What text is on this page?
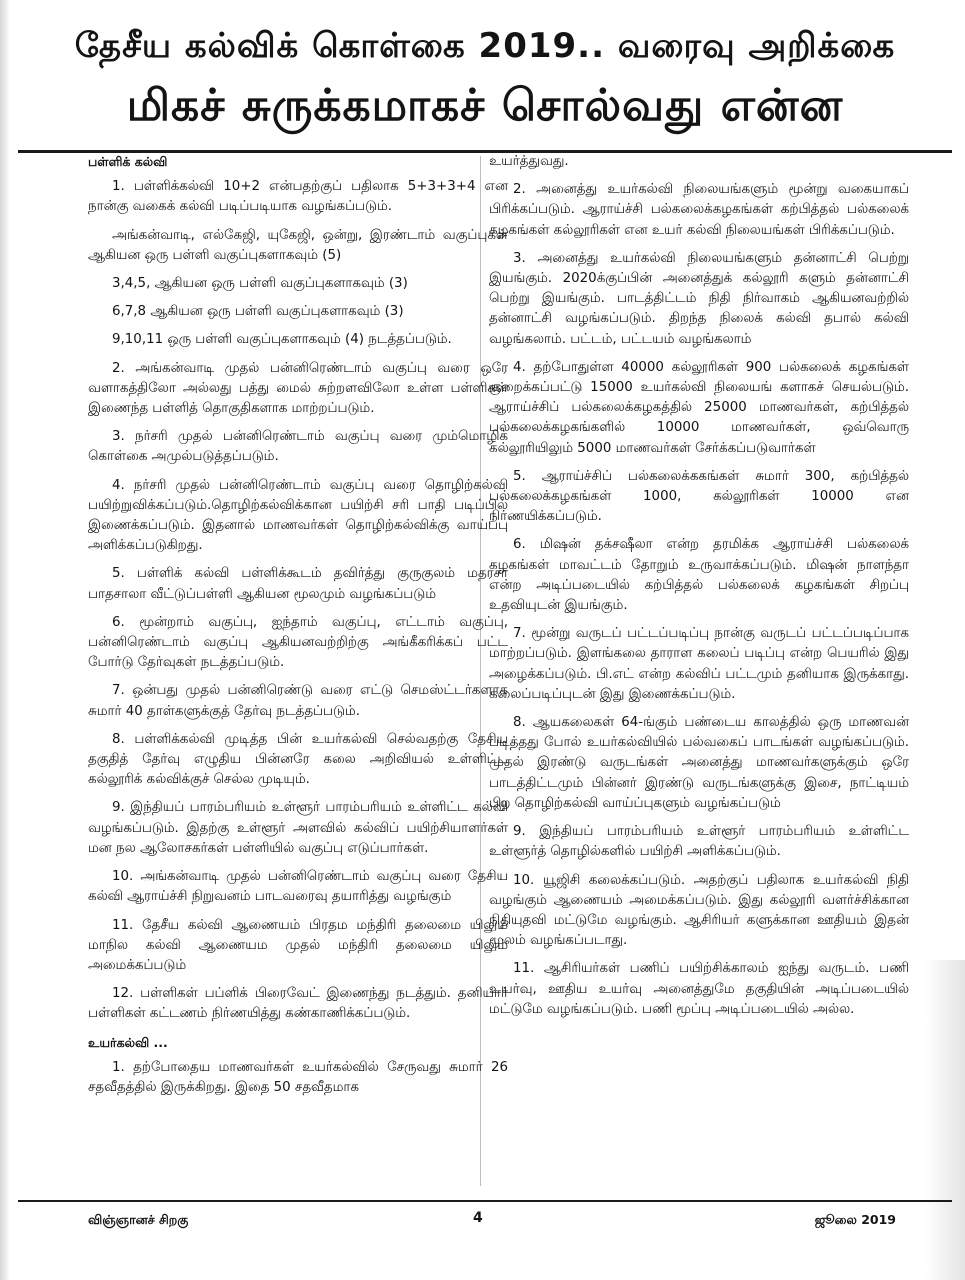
தேசீய கல்விக் கொள்கை 2019.. வரைவு அறிக்கை
மிகச் சுருக்கமாகச் சொல்வது என்ன
பள்ளிக் கல்வி

1. பள்ளிக்கல்வி 10+2 என்பதற்குப் பதிலாக 5+3+3+4 என நான்கு வகைக் கல்வி படிப்படியாக வழங்கப்படும்.

அங்கன்வாடி, எல்கேஜி, யுகேஜி, ஒன்று, இரண்டாம் வகுப்புகள் ஆகியன ஒரு பள்ளி வகுப்புகளாகவும் (5)

3,4,5, ஆகியன ஒரு பள்ளி வகுப்புகளாகவும் (3)

6,7,8 ஆகியன ஒரு பள்ளி வகுப்புகளாகவும் (3)

9,10,11 ஒரு பள்ளி வகுப்புகளாகவும் (4) நடத்தப்படும்.

2. அங்கன்வாடி முதல் பன்னிரெண்டாம் வகுப்பு வரை ஒரே வளாகத்திலோ அல்லது பத்து மைல் சுற்றளவிலோ உள்ள பள்ளிகள் இணைந்த பள்ளித் தொகுதிகளாக மாற்றப்படும்.

3. நர்சரி முதல் பன்னிரெண்டாம் வகுப்பு வரை மும்மொழிக் கொள்கை அமுல்படுத்தப்படும்.

4. நர்சரி முதல் பன்னிரெண்டாம் வகுப்பு வரை தொழிற்கல்வி பயிற்றுவிக்கப்படும்.தொழிற்கல்விக்கான பயிற்சி சரி பாதி படிப்பில் இணைக்கப்படும். இதனால் மாணவர்கள் தொழிற்கல்விக்கு வாய்ப்பு அளிக்கப்படுகிறது.

5. பள்ளிக் கல்வி பள்ளிக்கூடம் தவிர்த்து குருகுலம் மதரசா பாதசாலா வீட்டுப்பள்ளி ஆகியன மூலமும் வழங்கப்படும்

6. மூன்றாம் வகுப்பு, ஐந்தாம் வகுப்பு, எட்டாம் வகுப்பு, பன்னிரெண்டாம் வகுப்பு ஆகியனவற்றிற்கு அங்கீகரிக்கப் பட்ட போர்டு தேர்வுகள் நடத்தப்படும்.

7. ஒன்பது முதல் பன்னிரெண்டு வரை எட்டு செமஸ்ட்டர்களாக சுமார் 40 தாள்களுக்குத் தேர்வு நடத்தப்படும்.

8. பள்ளிக்கல்வி முடித்த பின் உயர்கல்வி செல்வதற்கு தேசிய தகுதித் தேர்வு எழுதிய பின்னரே கலை அறிவியல் உள்ளிட்ட கல்லூரிக் கல்விக்குச் செல்ல முடியும்.

9. இந்தியப் பாரம்பரியம் உள்ளூர் பாரம்பரியம் உள்ளிட்ட கல்வி வழங்கப்படும். இதற்கு உள்ளூர் அளவில் கல்விப் பயிற்சியாளர்கள் மன நல ஆலோசகர்கள் பள்ளியில் வகுப்பு எடுப்பார்கள்.

10. அங்கன்வாடி முதல் பன்னிரெண்டாம் வகுப்பு வரை தேசிய கல்வி ஆராய்ச்சி நிறுவனம் பாடவரைவு தயாரித்து வழங்கும்

11. தேசீய கல்வி ஆணையம் பிரதம மந்திரி தலைமை யிலும் மாநில கல்வி ஆணையம முதல் மந்திரி தலைமை யிலும் அமைக்கப்படும்

12. பள்ளிகள் பப்ளிக் பிரைவேட் இணைந்து நடத்தும். தனியார் பள்ளிகள் கட்டணம் நிர்ணயித்து கண்காணிக்கப்படும்.

உயர்கல்வி ...

1. தற்போதைய மாணவர்கள் உயர்கல்வில் சேருவது சுமார் 26 சதவீதத்தில் இருக்கிறது. இதை 50 சதவீதமாக

உயர்த்துவது.

2. அனைத்து உயர்கல்வி நிலையங்களும் மூன்று வகையாகப் பிரிக்கப்படும். ஆராய்ச்சி பல்கலைக்கழகங்கள் கற்பித்தல் பல்கலைக் கழகங்கள் கல்லூரிகள் என உயர் கல்வி நிலையங்கள் பிரிக்கப்படும்.

3. அனைத்து உயர்கல்வி நிலையங்களும் தன்னாட்சி பெற்று இயங்கும். 2020க்குப்பின் அனைத்துக் கல்லூரி களும் தன்னாட்சி பெற்று இயங்கும். பாடத்திட்டம் நிதி நிர்வாகம் ஆகியனவற்றில் தன்னாட்சி வழங்கப்படும். திறந்த நிலைக் கல்வி தபால் கல்வி வழங்கலாம். பட்டம், பட்டயம் வழங்கலாம்

4. தற்போதுள்ள 40000 கல்லூரிகள் 900 பல்கலைக் கழகங்கள் குறைக்கப்பட்டு 15000 உயர்கல்வி நிலையங் களாகச் செயல்படும். ஆராய்ச்சிப் பல்கலைக்கழகத்தில் 25000 மாணவர்கள், கற்பித்தல் பல்கலைக்கழகங்களில் 10000 மாணவர்கள், ஒவ்வொரு கல்லூரியிலும் 5000 மாணவர்கள் சேர்க்கப்படுவார்கள்

5. ஆராய்ச்சிப் பல்கலைக்ககங்கள் சுமார் 300, கற்பித்தல் பல்கலைக்கழகங்கள் 1000, கல்லூரிகள் 10000 என நிர்ணயிக்கப்படும்.

6. மிஷன் தக்சஷீலா என்ற தரமிக்க ஆராய்ச்சி பல்கலைக் கழகங்கள் மாவட்டம் தோறும் உருவாக்கப்படும். மிஷன் நாளந்தா என்ற அடிப்படையில் கற்பித்தல் பல்கலைக் கழகங்கள் சிறப்பு உதவியுடன் இயங்கும்.

7. மூன்று வருடப் பட்டப்படிப்பு நான்கு வருடப் பட்டப்படிப்பாக மாற்றப்படும். இளங்கலை தாராள கலைப் படிப்பு என்ற பெயரில் இது அழைக்கப்படும். பி.எட் என்ற கல்விப் பட்டமும் தனியாக இருக்காது. கலைப்படிப்புடன் இது இணைக்கப்படும்.

8. ஆயகலைகள் 64-ங்கும் பண்டைய காலத்தில் ஒரு மாணவன் படித்தது போல் உயர்கல்வியில் பல்வகைப் பாடங்கள் வழங்கப்படும். முதல் இரண்டு வருடங்கள் அனைத்து மாணவர்களுக்கும் ஒரே பாடத்திட்டமும் பின்னர் இரண்டு வருடங்களுக்கு இசை, நாட்டியம் பிற தொழிற்கல்வி வாய்ப்புகளும் வழங்கப்படும்

9. இந்தியப் பாரம்பரியம் உள்ளூர் பாரம்பரியம் உள்ளிட்ட உள்ளூர்த் தொழில்களில் பயிற்சி அளிக்கப்படும்.

10. யூஜிசி கலைக்கப்படும். அதற்குப் பதிலாக உயர்கல்வி நிதி வழங்கும் ஆணையம் அமைக்கப்படும். இது கல்லூரி வளர்ச்சிக்கான நிதியுதவி மட்டுமே வழங்கும். ஆசிரியர் களுக்கான ஊதியம் இதன் மூலம் வழங்கப்படாது.

11. ஆசிரியர்கள் பணிப் பயிற்சிக்காலம் ஐந்து வருடம். பணி உயர்வு, ஊதிய உயர்வு அனைத்துமே தகுதியின் அடிப்படையில் மட்டுமே வழங்கப்படும். பணி மூப்பு அடிப்படையில் அல்ல.

விஞ்ஞானச் சிறகு	4	ஜூலை 2019
